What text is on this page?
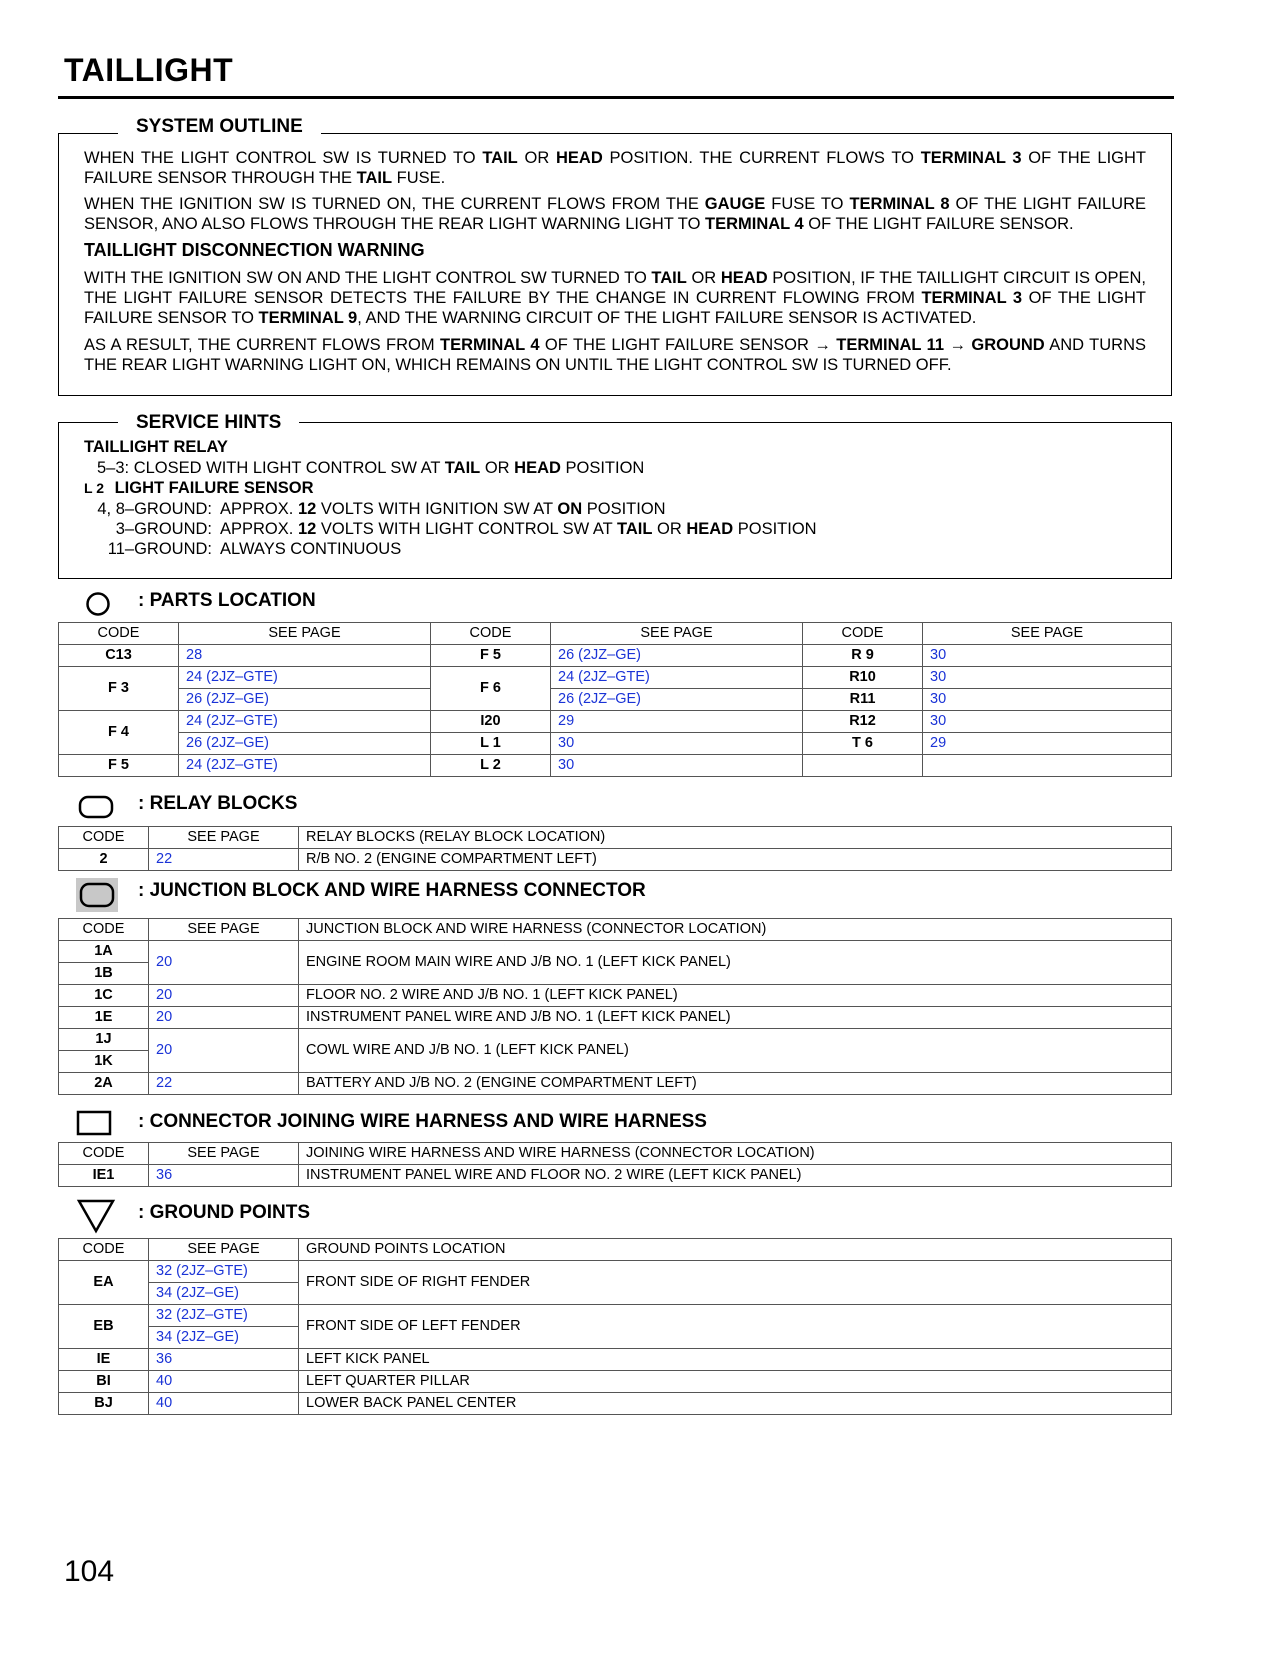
TAILLIGHT
SYSTEM OUTLINE
WHEN THE LIGHT CONTROL SW IS TURNED TO TAIL OR HEAD POSITION. THE CURRENT FLOWS TO TERMINAL 3 OF THE LIGHT FAILURE SENSOR THROUGH THE TAIL FUSE.
WHEN THE IGNITION SW IS TURNED ON, THE CURRENT FLOWS FROM THE GAUGE FUSE TO TERMINAL 8 OF THE LIGHT FAILURE SENSOR, ANO ALSO FLOWS THROUGH THE REAR LIGHT WARNING LIGHT TO TERMINAL 4 OF THE LIGHT FAILURE SENSOR.
TAILLIGHT DISCONNECTION WARNING
WITH THE IGNITION SW ON AND THE LIGHT CONTROL SW TURNED TO TAIL OR HEAD POSITION, IF THE TAILLIGHT CIRCUIT IS OPEN, THE LIGHT FAILURE SENSOR DETECTS THE FAILURE BY THE CHANGE IN CURRENT FLOWING FROM TERMINAL 3 OF THE LIGHT FAILURE SENSOR TO TERMINAL 9, AND THE WARNING CIRCUIT OF THE LIGHT FAILURE SENSOR IS ACTIVATED.
AS A RESULT, THE CURRENT FLOWS FROM TERMINAL 4 OF THE LIGHT FAILURE SENSOR → TERMINAL 11 → GROUND AND TURNS THE REAR LIGHT WARNING LIGHT ON, WHICH REMAINS ON UNTIL THE LIGHT CONTROL SW IS TURNED OFF.
SERVICE HINTS
TAILLIGHT RELAY
5–3: CLOSED WITH LIGHT CONTROL SW AT TAIL OR HEAD POSITION
L 2 LIGHT FAILURE SENSOR
4, 8–GROUND: APPROX. 12 VOLTS WITH IGNITION SW AT ON POSITION
3–GROUND: APPROX. 12 VOLTS WITH LIGHT CONTROL SW AT TAIL OR HEAD POSITION
11–GROUND: ALWAYS CONTINUOUS
: PARTS LOCATION
CODE	SEE PAGE	CODE	SEE PAGE	CODE	SEE PAGE
C13	28	F 5	26 (2JZ–GE)	R 9	30
F 3	24 (2JZ–GTE)	F 6	24 (2JZ–GTE)	R10	30
	26 (2JZ–GE)		26 (2JZ–GE)	R11	30
F 4	24 (2JZ–GTE)	I20	29	R12	30
	26 (2JZ–GE)	L 1	30	T 6	29
F 5	24 (2JZ–GTE)	L 2	30		
: RELAY BLOCKS
CODE	SEE PAGE	RELAY BLOCKS (RELAY BLOCK LOCATION)
2	22	R/B NO. 2 (ENGINE COMPARTMENT LEFT)
: JUNCTION BLOCK AND WIRE HARNESS CONNECTOR
CODE	SEE PAGE	JUNCTION BLOCK AND WIRE HARNESS (CONNECTOR LOCATION)
1A	20	ENGINE ROOM MAIN WIRE AND J/B NO. 1 (LEFT KICK PANEL)
1B		
1C	20	FLOOR NO. 2 WIRE AND J/B NO. 1 (LEFT KICK PANEL)
1E	20	INSTRUMENT PANEL WIRE AND J/B NO. 1 (LEFT KICK PANEL)
1J	20	COWL WIRE AND J/B NO. 1 (LEFT KICK PANEL)
1K		
2A	22	BATTERY AND J/B NO. 2 (ENGINE COMPARTMENT LEFT)
: CONNECTOR JOINING WIRE HARNESS AND WIRE HARNESS
CODE	SEE PAGE	JOINING WIRE HARNESS AND WIRE HARNESS (CONNECTOR LOCATION)
IE1	36	INSTRUMENT PANEL WIRE AND FLOOR NO. 2 WIRE (LEFT KICK PANEL)
: GROUND POINTS
CODE	SEE PAGE	GROUND POINTS LOCATION
EA	32 (2JZ–GTE)	FRONT SIDE OF RIGHT FENDER
	34 (2JZ–GE)	
EB	32 (2JZ–GTE)	FRONT SIDE OF LEFT FENDER
	34 (2JZ–GE)	
IE	36	LEFT KICK PANEL
BI	40	LEFT QUARTER PILLAR
BJ	40	LOWER BACK PANEL CENTER
104
